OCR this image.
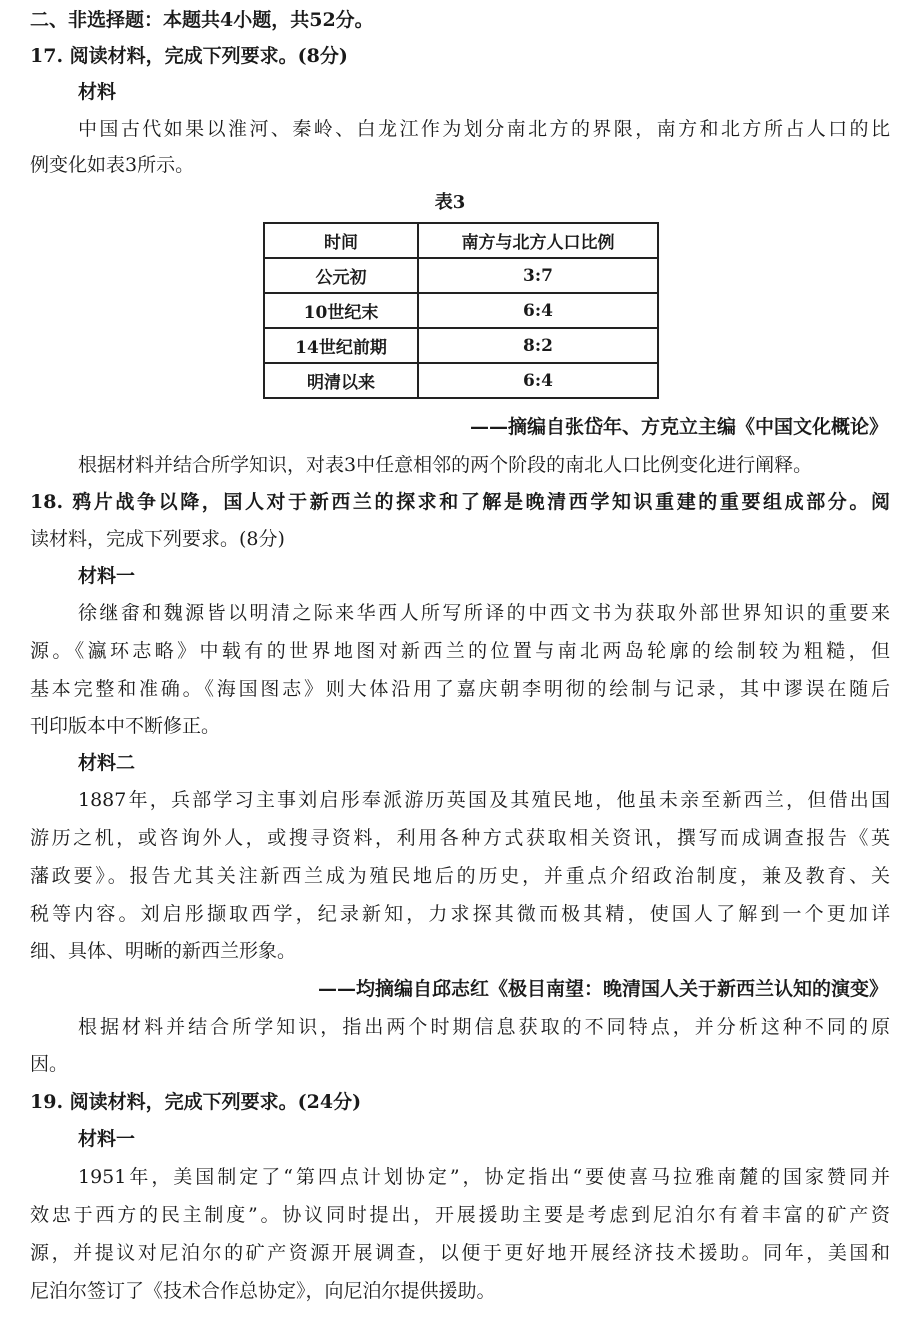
二、非选择题：本题共4小题，共52分。
17. 阅读材料，完成下列要求。(8分)
材料
中国古代如果以淮河、秦岭、白龙江作为划分南北方的界限，南方和北方所占人口的比
例变化如表3所示。
表3
时间	南方与北方人口比例
公元初	3:7
10世纪末	6:4
14世纪前期	8:2
明清以来	6:4
——摘编自张岱年、方克立主编《中国文化概论》
根据材料并结合所学知识，对表3中任意相邻的两个阶段的南北人口比例变化进行阐释。
18. 鸦片战争以降，国人对于新西兰的探求和了解是晚清西学知识重建的重要组成部分。阅
读材料，完成下列要求。(8分)
材料一
徐继畬和魏源皆以明清之际来华西人所写所译的中西文书为获取外部世界知识的重要来
源。《瀛环志略》中载有的世界地图对新西兰的位置与南北两岛轮廓的绘制较为粗糙，但
基本完整和准确。《海国图志》则大体沿用了嘉庆朝李明彻的绘制与记录，其中谬误在随后
刊印版本中不断修正。
材料二
1887年，兵部学习主事刘启彤奉派游历英国及其殖民地，他虽未亲至新西兰，但借出国
游历之机，或咨询外人，或搜寻资料，利用各种方式获取相关资讯，撰写而成调查报告《英
藩政要》。报告尤其关注新西兰成为殖民地后的历史，并重点介绍政治制度，兼及教育、关
税等内容。刘启彤撷取西学，纪录新知，力求探其微而极其精，使国人了解到一个更加详
细、具体、明晰的新西兰形象。
——均摘编自邱志红《极目南望：晚清国人关于新西兰认知的演变》
根据材料并结合所学知识，指出两个时期信息获取的不同特点，并分析这种不同的原
因。
19. 阅读材料，完成下列要求。(24分)
材料一
1951年，美国制定了“第四点计划协定”，协定指出“要使喜马拉雅南麓的国家赞同并
效忠于西方的民主制度”。协议同时提出，开展援助主要是考虑到尼泊尔有着丰富的矿产资
源，并提议对尼泊尔的矿产资源开展调查，以便于更好地开展经济技术援助。同年，美国和
尼泊尔签订了《技术合作总协定》，向尼泊尔提供援助。
